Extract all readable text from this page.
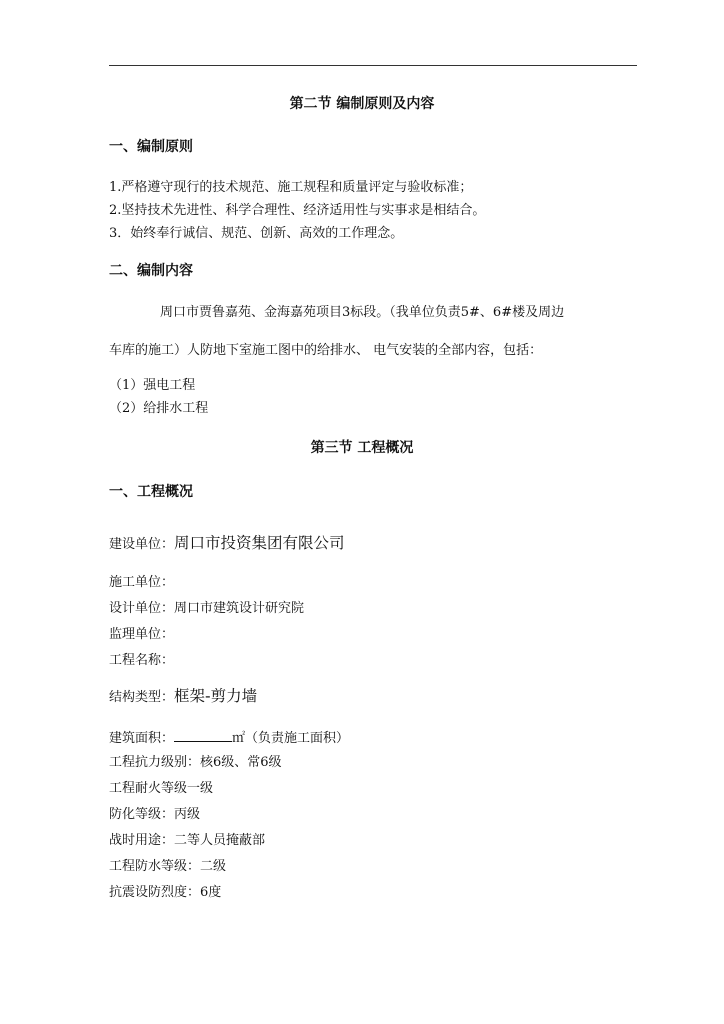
第二节 编制原则及内容
一、编制原则
1.严格遵守现行的技术规范、施工规程和质量评定与验收标准；
2.坚持技术先进性、科学合理性、经济适用性与实事求是相结合。
3．始终奉行诚信、规范、创新、高效的工作理念。
二、编制内容
周口市贾鲁嘉苑、金海嘉苑项目3标段。（我单位负责5#、6#楼及周边
车库的施工）人防地下室施工图中的给排水、 电气安装的全部内容，包括：
（1）强电工程
（2）给排水工程
第三节 工程概况
一、工程概况
建设单位：周口市投资集团有限公司
施工单位：
设计单位：周口市建筑设计研究院
监理单位：
工程名称：
结构类型：框架-剪力墙
建筑面积：	㎡（负责施工面积）
工程抗力级别：核6级、常6级
工程耐火等级一级
防化等级：丙级
战时用途：二等人员掩蔽部
工程防水等级：二级
抗震设防烈度：6度
